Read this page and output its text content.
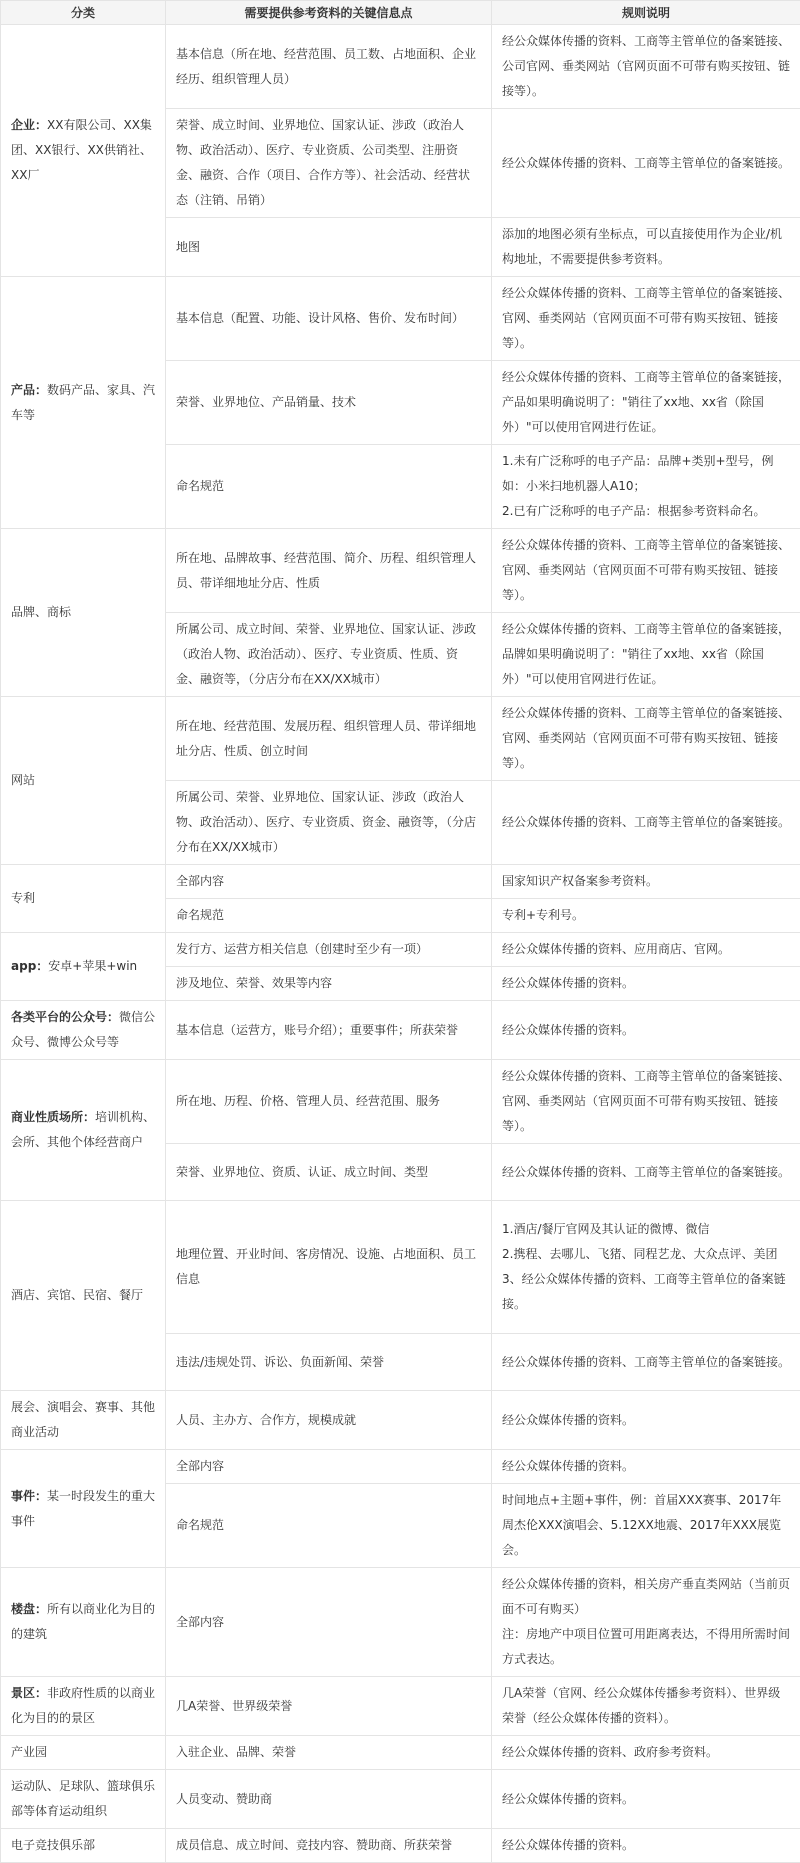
分类	需要提供参考资料的关键信息点	规则说明
企业：XX有限公司、XX集团、XX银行、XX供销社、XX厂	基本信息（所在地、经营范围、员工数、占地面积、企业经历、组织管理人员）	经公众媒体传播的资料、工商等主管单位的备案链接、公司官网、垂类网站（官网页面不可带有购买按钮、链接等）。
	荣誉、成立时间、业界地位、国家认证、涉政（政治人物、政治活动）、医疗、专业资质、公司类型、注册资金、融资、合作（项目、合作方等）、社会活动、经营状态（注销、吊销）	经公众媒体传播的资料、工商等主管单位的备案链接。
	地图	添加的地图必须有坐标点，可以直接使用作为企业/机构地址，不需要提供参考资料。
产品：数码产品、家具、汽车等	基本信息（配置、功能、设计风格、售价、发布时间）	经公众媒体传播的资料、工商等主管单位的备案链接、官网、垂类网站（官网页面不可带有购买按钮、链接等）。
	荣誉、业界地位、产品销量、技术	经公众媒体传播的资料、工商等主管单位的备案链接，产品如果明确说明了："销往了xx地、xx省（除国外）"可以使用官网进行佐证。
	命名规范	1.未有广泛称呼的电子产品：品牌+类别+型号，例如：小米扫地机器人A10；
2.已有广泛称呼的电子产品：根据参考资料命名。
品牌、商标	所在地、品牌故事、经营范围、简介、历程、组织管理人员、带详细地址分店、性质	经公众媒体传播的资料、工商等主管单位的备案链接、官网、垂类网站（官网页面不可带有购买按钮、链接等）。
	所属公司、成立时间、荣誉、业界地位、国家认证、涉政（政治人物、政治活动）、医疗、专业资质、性质、资金、融资等，（分店分布在XX/XX城市）	经公众媒体传播的资料、工商等主管单位的备案链接，品牌如果明确说明了："销往了xx地、xx省（除国外）"可以使用官网进行佐证。
网站	所在地、经营范围、发展历程、组织管理人员、带详细地址分店、性质、创立时间	经公众媒体传播的资料、工商等主管单位的备案链接、官网、垂类网站（官网页面不可带有购买按钮、链接等）。
	所属公司、荣誉、业界地位、国家认证、涉政（政治人物、政治活动）、医疗、专业资质、资金、融资等，（分店分布在XX/XX城市）	经公众媒体传播的资料、工商等主管单位的备案链接。
专利	全部内容	国家知识产权备案参考资料。
	命名规范	专利+专利号。
app：安卓+苹果+win	发行方、运营方相关信息（创建时至少有一项）	经公众媒体传播的资料、应用商店、官网。
	涉及地位、荣誉、效果等内容	经公众媒体传播的资料。
各类平台的公众号：微信公众号、微博公众号等	基本信息（运营方，账号介绍）；重要事件；所获荣誉	经公众媒体传播的资料。
商业性质场所：培训机构、会所、其他个体经营商户	所在地、历程、价格、管理人员、经营范围、服务	经公众媒体传播的资料、工商等主管单位的备案链接、官网、垂类网站（官网页面不可带有购买按钮、链接等）。
	荣誉、业界地位、资质、认证、成立时间、类型	经公众媒体传播的资料、工商等主管单位的备案链接。
酒店、宾馆、民宿、餐厅	地理位置、开业时间、客房情况、设施、占地面积、员工信息	1.酒店/餐厅官网及其认证的微博、微信
2.携程、去哪儿、飞猪、同程艺龙、大众点评、美团
3、经公众媒体传播的资料、工商等主管单位的备案链接。
	违法/违规处罚、诉讼、负面新闻、荣誉	经公众媒体传播的资料、工商等主管单位的备案链接。
展会、演唱会、赛事、其他商业活动	人员、主办方、合作方，规模成就	经公众媒体传播的资料。
事件：某一时段发生的重大事件	全部内容	经公众媒体传播的资料。
	命名规范	时间地点+主题+事件，例：首届XXX赛事、2017年周杰伦XXX演唱会、5.12XX地震、2017年XXX展览会。
楼盘：所有以商业化为目的的建筑	全部内容	经公众媒体传播的资料，相关房产垂直类网站（当前页面不可有购买）
注：房地产中项目位置可用距离表达，不得用所需时间方式表达。
景区：非政府性质的以商业化为目的的景区	几A荣誉、世界级荣誉	几A荣誉（官网、经公众媒体传播参考资料）、世界级荣誉（经公众媒体传播的资料）。
产业园	入驻企业、品牌、荣誉	经公众媒体传播的资料、政府参考资料。
运动队、足球队、篮球俱乐部等体育运动组织	人员变动、赞助商	经公众媒体传播的资料。
电子竞技俱乐部	成员信息、成立时间、竞技内容、赞助商、所获荣誉	经公众媒体传播的资料。
